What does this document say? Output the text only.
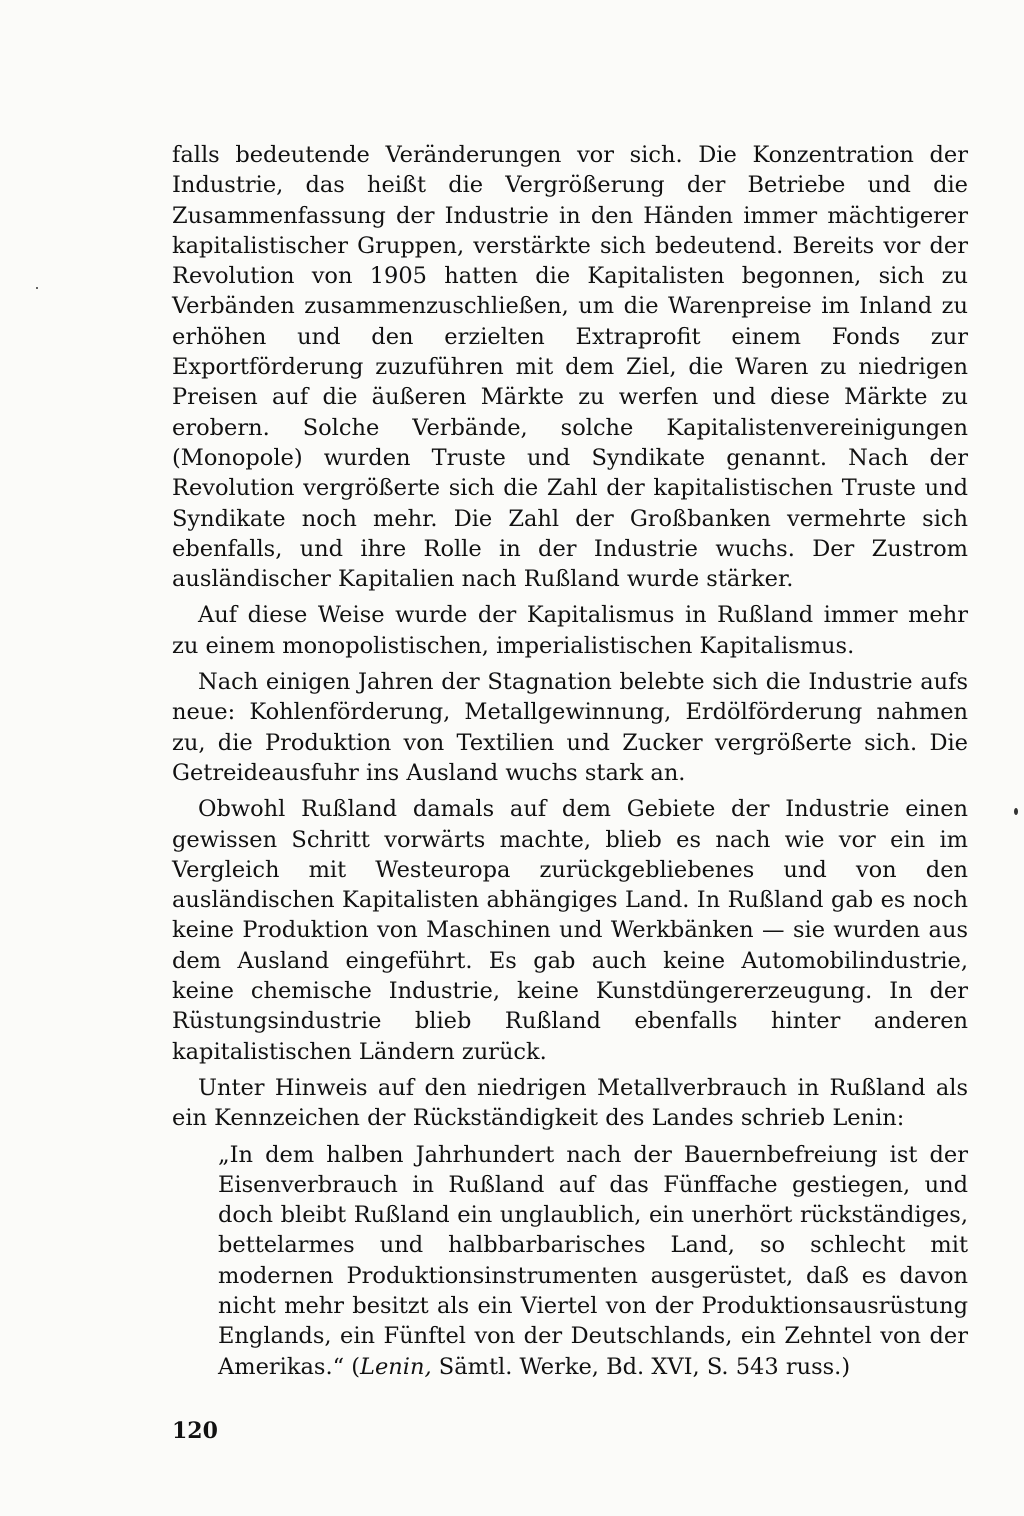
falls bedeutende Veränderungen vor sich. Die Konzentration der Industrie, das heißt die Vergrößerung der Betriebe und die Zusammenfassung der Industrie in den Händen immer mächtigerer kapitalistischer Gruppen, verstärkte sich bedeutend. Bereits vor der Revolution von 1905 hatten die Kapitalisten begonnen, sich zu Verbänden zusammenzuschließen, um die Warenpreise im Inland zu erhöhen und den erzielten Extraprofit einem Fonds zur Exportförderung zuzuführen mit dem Ziel, die Waren zu niedrigen Preisen auf die äußeren Märkte zu werfen und diese Märkte zu erobern. Solche Verbände, solche Kapitalistenvereinigungen (Monopole) wurden Truste und Syndikate genannt. Nach der Revolution vergrößerte sich die Zahl der kapitalistischen Truste und Syndikate noch mehr. Die Zahl der Großbanken vermehrte sich ebenfalls, und ihre Rolle in der Industrie wuchs. Der Zustrom ausländischer Kapitalien nach Rußland wurde stärker.

Auf diese Weise wurde der Kapitalismus in Rußland immer mehr zu einem monopolistischen, imperialistischen Kapitalismus.

Nach einigen Jahren der Stagnation belebte sich die Industrie aufs neue: Kohlenförderung, Metallgewinnung, Erdölförderung nahmen zu, die Produktion von Textilien und Zucker vergrößerte sich. Die Getreideausfuhr ins Ausland wuchs stark an.

Obwohl Rußland damals auf dem Gebiete der Industrie einen gewissen Schritt vorwärts machte, blieb es nach wie vor ein im Vergleich mit Westeuropa zurückgebliebenes und von den ausländischen Kapitalisten abhängiges Land. In Rußland gab es noch keine Produktion von Maschinen und Werkbänken — sie wurden aus dem Ausland eingeführt. Es gab auch keine Automobilindustrie, keine chemische Industrie, keine Kunstdüngererzeugung. In der Rüstungsindustrie blieb Rußland ebenfalls hinter anderen kapitalistischen Ländern zurück.

Unter Hinweis auf den niedrigen Metallverbrauch in Rußland als ein Kennzeichen der Rückständigkeit des Landes schrieb Lenin:

„In dem halben Jahrhundert nach der Bauernbefreiung ist der Eisenverbrauch in Rußland auf das Fünffache gestiegen, und doch bleibt Rußland ein unglaublich, ein unerhört rückständiges, bettelarmes und halbbarbarisches Land, so schlecht mit modernen Produktionsinstrumenten ausgerüstet, daß es davon nicht mehr besitzt als ein Viertel von der Produktionsausrüstung Englands, ein Fünftel von der Deutschlands, ein Zehntel von der Amerikas.“ (Lenin, Sämtl. Werke, Bd. XVI, S. 543 russ.)

120
